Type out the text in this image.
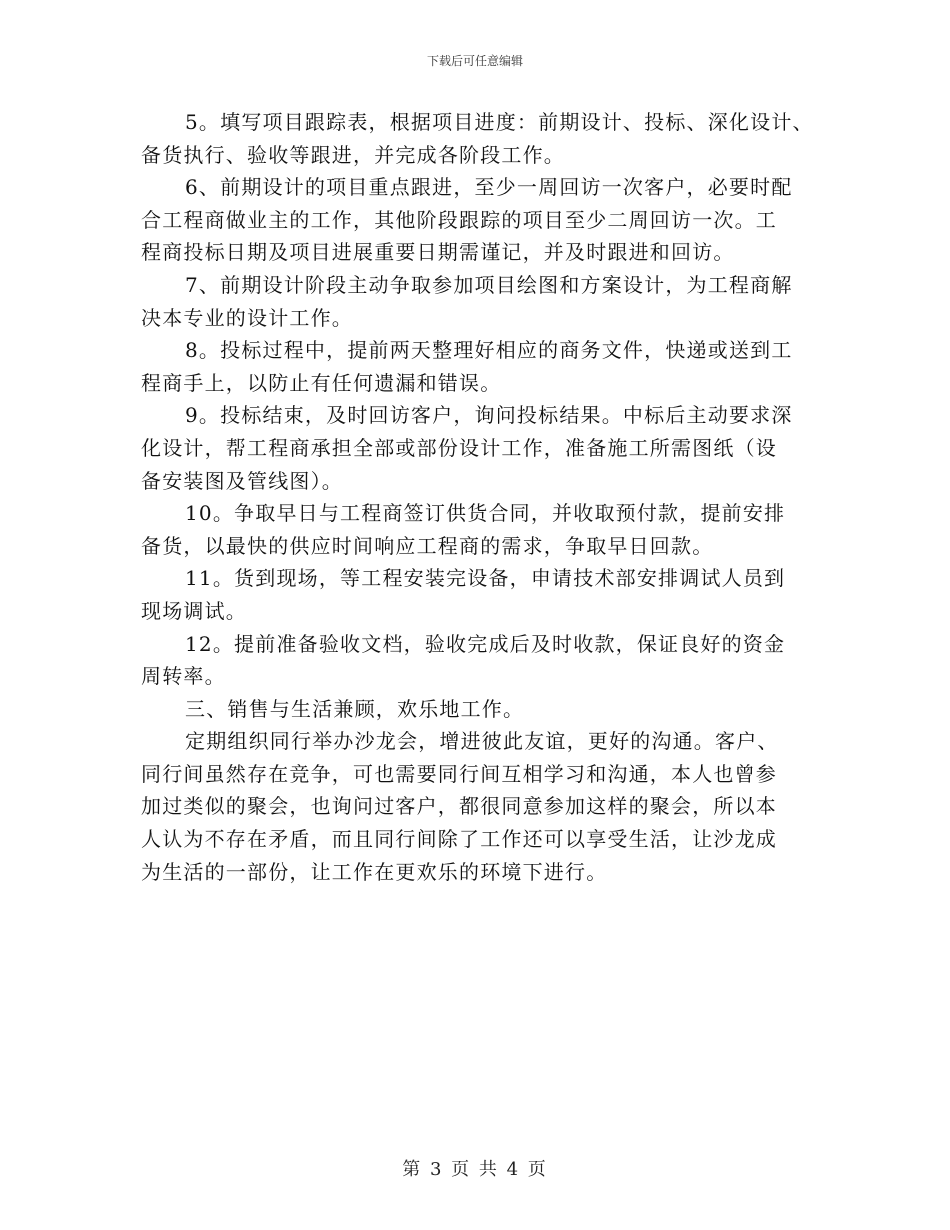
下载后可任意编辑
5。填写项目跟踪表，根据项目进度：前期设计、投标、深化设计、
备货执行、验收等跟进，并完成各阶段工作。
6、前期设计的项目重点跟进，至少一周回访一次客户，必要时配
合工程商做业主的工作，其他阶段跟踪的项目至少二周回访一次。工
程商投标日期及项目进展重要日期需谨记，并及时跟进和回访。
7、前期设计阶段主动争取参加项目绘图和方案设计，为工程商解
决本专业的设计工作。
8。投标过程中，提前两天整理好相应的商务文件，快递或送到工
程商手上，以防止有任何遗漏和错误。
9。投标结束，及时回访客户，询问投标结果。中标后主动要求深
化设计，帮工程商承担全部或部份设计工作，准备施工所需图纸（设
备安装图及管线图）。
10。争取早日与工程商签订供货合同，并收取预付款，提前安排
备货，以最快的供应时间响应工程商的需求，争取早日回款。
11。货到现场，等工程安装完设备，申请技术部安排调试人员到
现场调试。
12。提前准备验收文档，验收完成后及时收款，保证良好的资金
周转率。
三、销售与生活兼顾，欢乐地工作。
定期组织同行举办沙龙会，增进彼此友谊，更好的沟通。客户、
同行间虽然存在竞争，可也需要同行间互相学习和沟通，本人也曾参
加过类似的聚会，也询问过客户，都很同意参加这样的聚会，所以本
人认为不存在矛盾，而且同行间除了工作还可以享受生活，让沙龙成
为生活的一部份，让工作在更欢乐的环境下进行。
第 3 页 共 4 页
